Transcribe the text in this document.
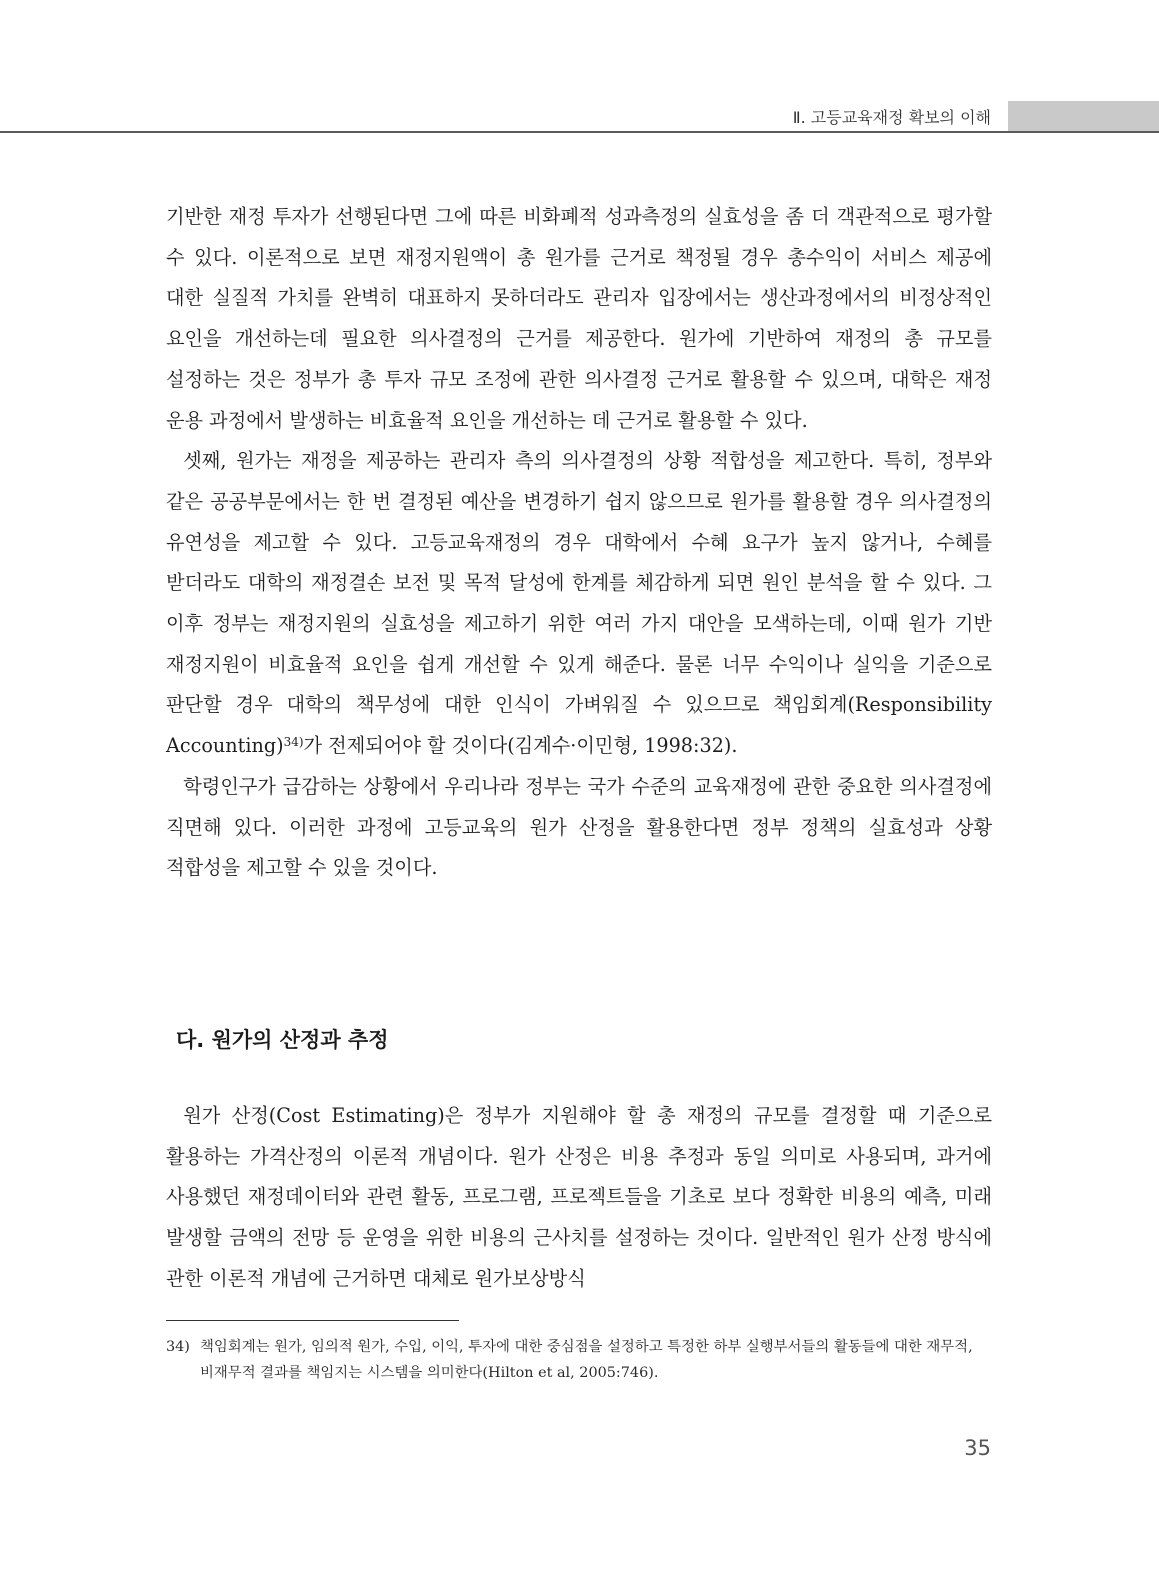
Ⅱ. 고등교육재정 확보의 이해

기반한 재정 투자가 선행된다면 그에 따른 비화폐적 성과측정의 실효성을 좀 더 객관적으로 평가할 수 있다. 이론적으로 보면 재정지원액이 총 원가를 근거로 책정될 경우 총수익이 서비스 제공에 대한 실질적 가치를 완벽히 대표하지 못하더라도 관리자 입장에서는 생산과정에서의 비정상적인 요인을 개선하는데 필요한 의사결정의 근거를 제공한다. 원가에 기반하여 재정의 총 규모를 설정하는 것은 정부가 총 투자 규모 조정에 관한 의사결정 근거로 활용할 수 있으며, 대학은 재정 운용 과정에서 발생하는 비효율적 요인을 개선하는 데 근거로 활용할 수 있다.

셋째, 원가는 재정을 제공하는 관리자 측의 의사결정의 상황 적합성을 제고한다. 특히, 정부와 같은 공공부문에서는 한 번 결정된 예산을 변경하기 쉽지 않으므로 원가를 활용할 경우 의사결정의 유연성을 제고할 수 있다. 고등교육재정의 경우 대학에서 수혜 요구가 높지 않거나, 수혜를 받더라도 대학의 재정결손 보전 및 목적 달성에 한계를 체감하게 되면 원인 분석을 할 수 있다. 그 이후 정부는 재정지원의 실효성을 제고하기 위한 여러 가지 대안을 모색하는데, 이때 원가 기반 재정지원이 비효율적 요인을 쉽게 개선할 수 있게 해준다. 물론 너무 수익이나 실익을 기준으로 판단할 경우 대학의 책무성에 대한 인식이 가벼워질 수 있으므로 책임회계(Responsibility Accounting)$^{34)}$가 전제되어야 할 것이다(김계수·이민형, 1998:32).

학령인구가 급감하는 상황에서 우리나라 정부는 국가 수준의 교육재정에 관한 중요한 의사결정에 직면해 있다. 이러한 과정에 고등교육의 원가 산정을 활용한다면 정부 정책의 실효성과 상황 적합성을 제고할 수 있을 것이다.

다. 원가의 산정과 추정

원가 산정(Cost Estimating)은 정부가 지원해야 할 총 재정의 규모를 결정할 때 기준으로 활용하는 가격산정의 이론적 개념이다. 원가 산정은 비용 추정과 동일 의미로 사용되며, 과거에 사용했던 재정데이터와 관련 활동, 프로그램, 프로젝트들을 기초로 보다 정확한 비용의 예측, 미래 발생할 금액의 전망 등 운영을 위한 비용의 근사치를 설정하는 것이다. 일반적인 원가 산정 방식에 관한 이론적 개념에 근거하면 대체로 원가보상방식

34) 책임회계는 원가, 임의적 원가, 수입, 이익, 투자에 대한 중심점을 설정하고 특정한 하부 실행부서들의 활동들에 대한 재무적, 비재무적 결과를 책임지는 시스템을 의미한다(Hilton et al, 2005:746).
35
